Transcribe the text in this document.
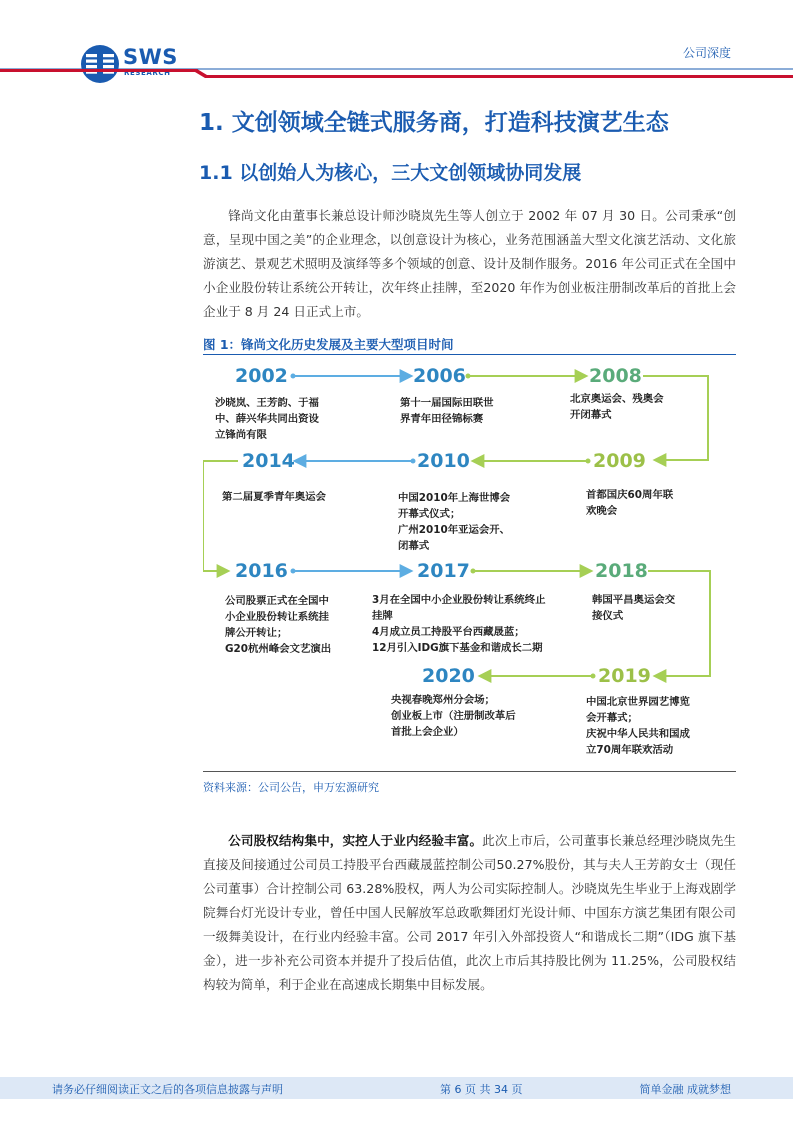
SWS
RESEARCH
公司深度
1. 文创领域全链式服务商，打造科技演艺生态
1.1 以创始人为核心，三大文创领域协同发展

锋尚文化由董事长兼总设计师沙晓岚先生等人创立于 2002 年 07 月 30 日。公司秉承“创意，呈现中国之美”的企业理念，以创意设计为核心，业务范围涵盖大型文化演艺活动、文化旅游演艺、景观艺术照明及演绎等多个领域的创意、设计及制作服务。2016 年公司正式在全国中小企业股份转让系统公开转让，次年终止挂牌，至2020 年作为创业板注册制改革后的首批上会企业于 8 月 24 日正式上市。

图 1：锋尚文化历史发展及主要大型项目时间
2002	2006	2008
2009
2010
2014
2016	2017	2018
2019
2020
沙晓岚、王芳韵、于福
中、薛兴华共同出资设
立锋尚有限
第十一届国际田联世
界青年田径锦标赛
北京奥运会、残奥会
开闭幕式
首都国庆60周年联
欢晚会
中国2010年上海世博会
开幕式仪式；
广州2010年亚运会开、
闭幕式
第二届夏季青年奥运会
公司股票正式在全国中
小企业股份转让系统挂
牌公开转让；
G20杭州峰会文艺演出
3月在全国中小企业股份转让系统终止
挂牌
4月成立员工持股平台西藏晟蓝；
12月引入IDG旗下基金和谐成长二期
韩国平昌奥运会交
接仪式
中国北京世界园艺博览
会开幕式；
庆祝中华人民共和国成
立70周年联欢活动
央视春晚郑州分会场；
创业板上市（注册制改革后
首批上会企业）
资料来源：公司公告，申万宏源研究

公司股权结构集中，实控人于业内经验丰富。此次上市后，公司董事长兼总经理沙晓岚先生直接及间接通过公司员工持股平台西藏晟蓝控制公司50.27%股份，其与夫人王芳韵女士（现任公司董事）合计控制公司 63.28%股权，两人为公司实际控制人。沙晓岚先生毕业于上海戏剧学院舞台灯光设计专业，曾任中国人民解放军总政歌舞团灯光设计师、中国东方演艺集团有限公司一级舞美设计，在行业内经验丰富。公司 2017 年引入外部投资人“和谐成长二期”（IDG 旗下基金），进一步补充公司资本并提升了投后估值，此次上市后其持股比例为 11.25%，公司股权结构较为简单，利于企业在高速成长期集中目标发展。

请务必仔细阅读正文之后的各项信息披露与声明	第 6 页 共 34 页	简单金融 成就梦想
